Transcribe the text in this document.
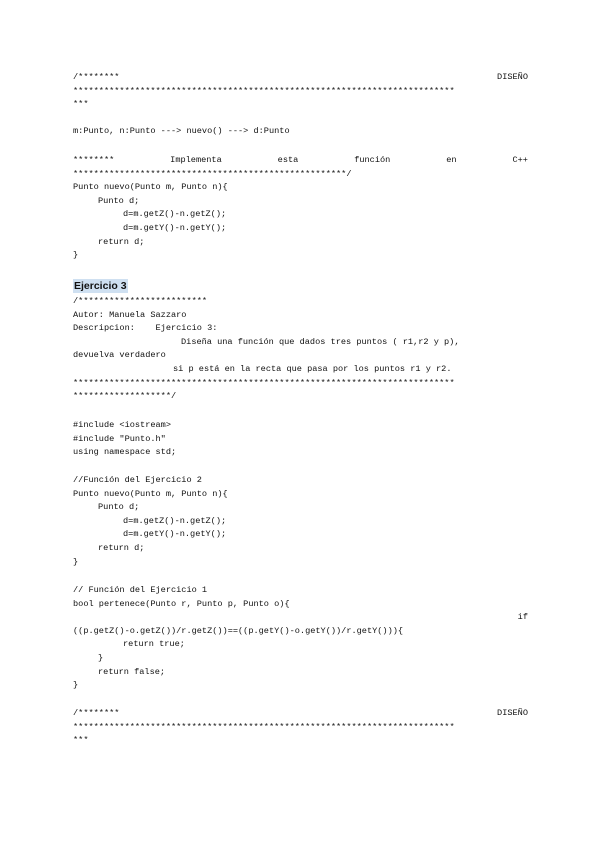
/********	DISEÑO
**************************************************************************
***
m:Punto, n:Punto ---> nuevo() ---> d:Punto
********	Implementa	esta	función	en	C++
*****************************************************/
Punto nuevo(Punto m, Punto n){
Punto d;
d=m.getZ()-n.getZ();
d=m.getY()-n.getY();
return d;
}
Ejercicio 3
/*************************
Autor: Manuela Sazzaro
Descripcion:    Ejercicio 3:
Diseña una función que dados tres puntos ( r1,r2 y p),
devuelva verdadero
si p está en la recta que pasa por los puntos r1 y r2.
**************************************************************************
*******************/
#include <iostream>
#include "Punto.h"
using namespace std;
//Función del Ejercicio 2
Punto nuevo(Punto m, Punto n){
Punto d;
d=m.getZ()-n.getZ();
d=m.getY()-n.getY();
return d;
}
// Función del Ejercicio 1
bool pertenece(Punto r, Punto p, Punto o){
if
((p.getZ()-o.getZ())/r.getZ())==((p.getY()-o.getY())/r.getY())){
return true;
}
return false;
}
/********	DISEÑO
**************************************************************************
***
